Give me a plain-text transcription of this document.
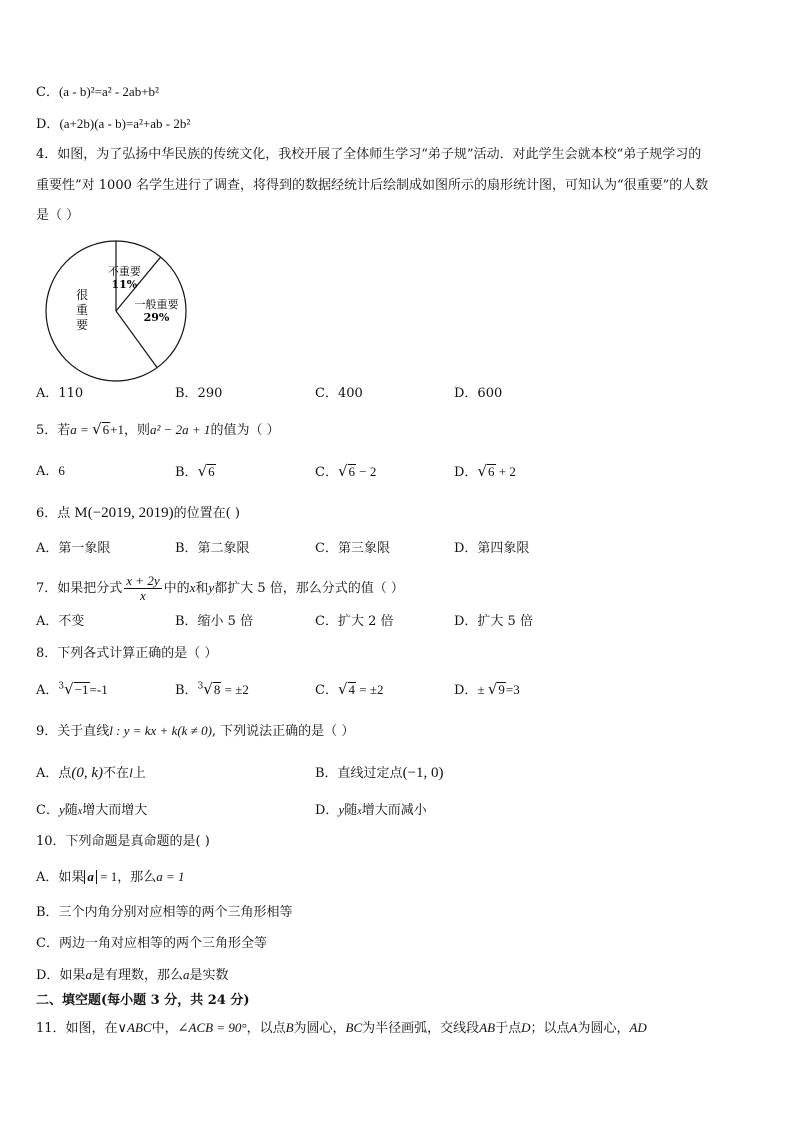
C．(a - b)²=a² - 2ab+b²
D．(a+2b)(a - b)=a²+ab - 2b²
4．如图，为了弘扬中华民族的传统文化，我校开展了全体师生学习“弟子规”活动．对此学生会就本校“弟子规学习的
重要性”对 1000 名学生进行了调查，将得到的数据经统计后绘制成如图所示的扇形统计图，可知认为“很重要”的人数
是（ ）
不重要
11%
一般重要
29%
很
重
要
A．110	B．290	C．400	D．600
5．若a = √6+1，则a² − 2a + 1的值为（ ）
A．6	B．√6	C．√6 − 2	D．√6 + 2
6．点 M(−2019, 2019)的位置在( )
A．第一象限	B．第二象限	C．第三象限	D．第四象限
7．如果把分式 $\frac{x + 2y}{x}$ 中的x和y都扩大 5 倍，那么分式的值（ ）
A．不变	B．缩小 5 倍	C．扩大 2 倍	D．扩大 5 倍
8．下列各式计算正确的是（ ）
A．$^3$√−1=-1	B．$^3$√8 = ±2	C．√4 = ±2	D．± √9=3
9．关于直线l : y = kx + k(k ≠ 0), 下列说法正确的是（ ）
A．点(0, k)不在l上	B．直线过定点(−1, 0)
C．y随x增大而增大	D．y随x增大而减小
10．下列命题是真命题的是( )
A．如果 a = 1，那么a = 1
B．三个内角分别对应相等的两个三角形相等
C．两边一角对应相等的两个三角形全等
D．如果a是有理数，那么a是实数
二、填空题(每小题 3 分，共 24 分)
11．如图，在∨ABC中，∠ACB = 90°，以点B为圆心，BC为半径画弧，交线段AB于点D；以点A为圆心，AD
